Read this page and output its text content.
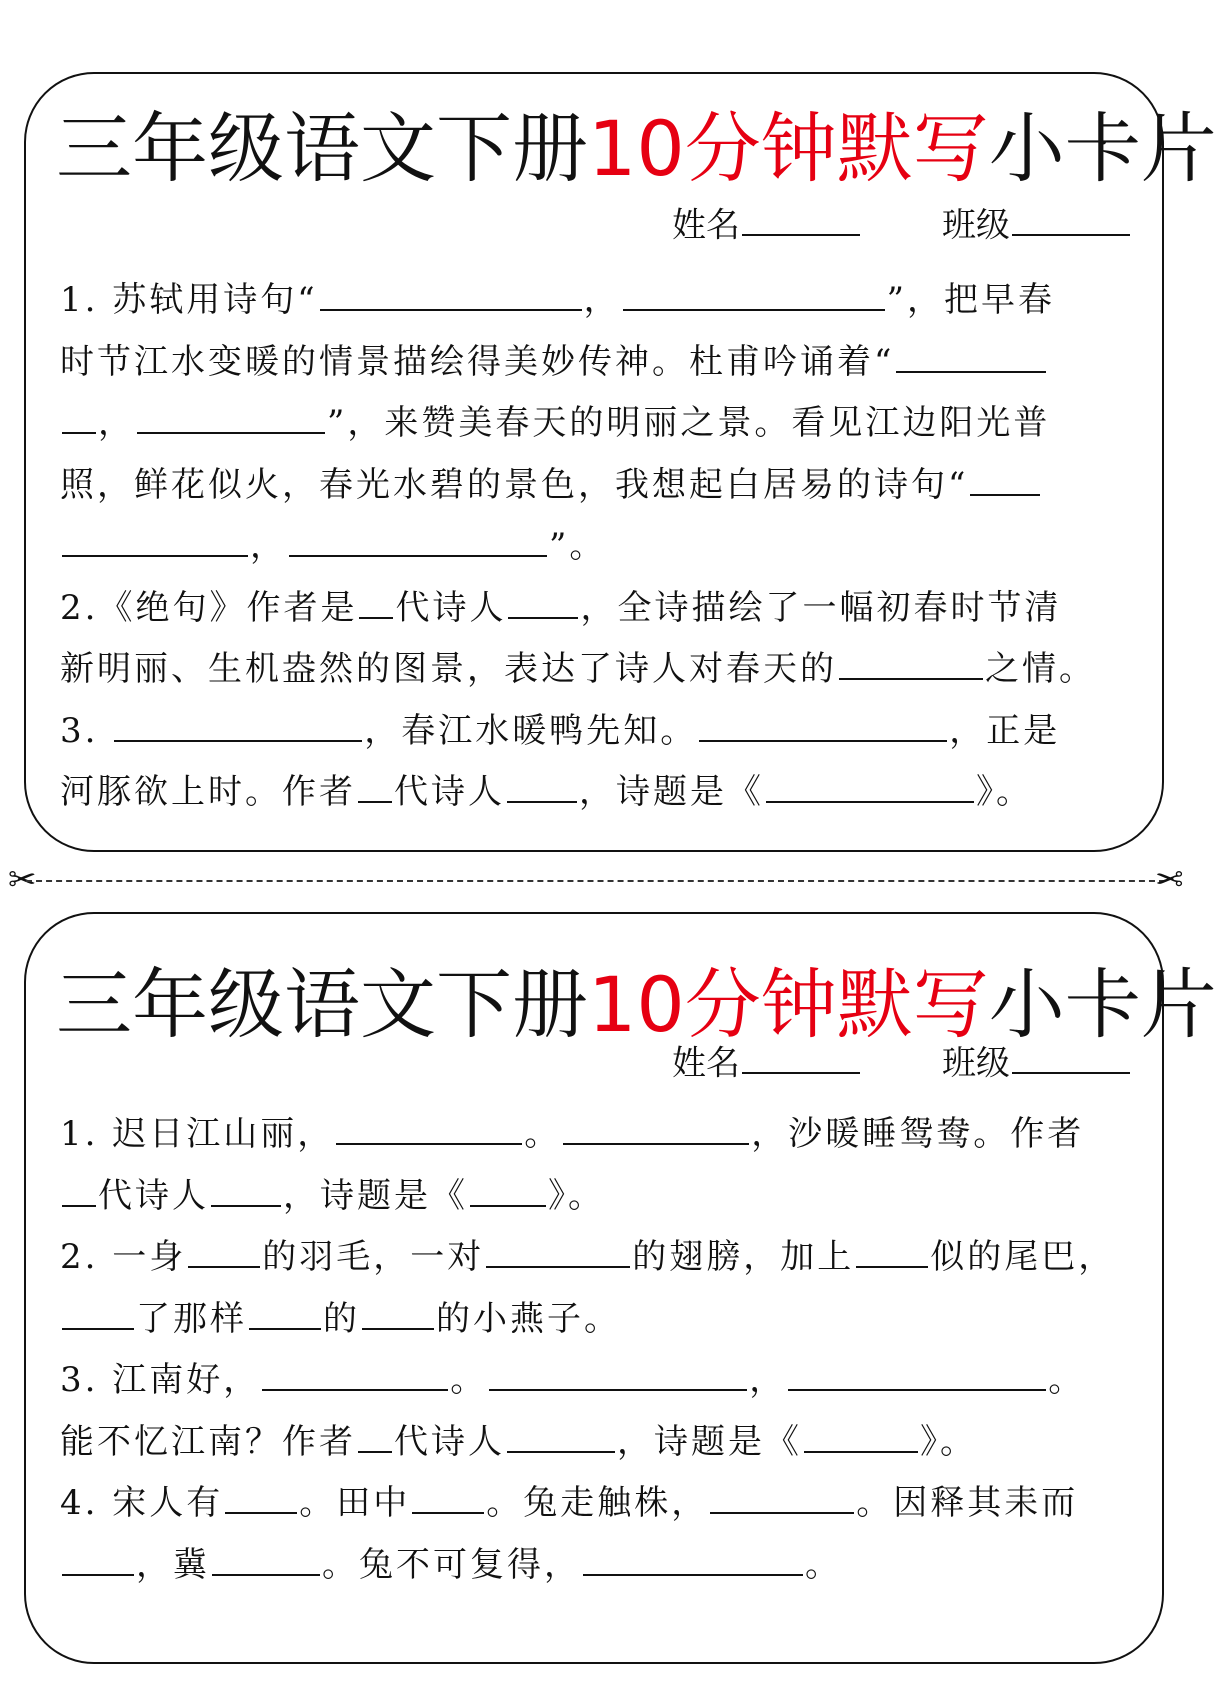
三年级语文下册10分钟默写小卡片
姓名	班级
1. 苏轼用诗句“	，	”，把早春
时节江水变暖的情景描绘得美妙传神。杜甫吟诵着“
，	”，来赞美春天的明丽之景。看见江边阳光普
照，鲜花似火，春光水碧的景色，我想起白居易的诗句“
，	”。
2.《绝句》作者是 代诗人 ，全诗描绘了一幅初春时节清
新明丽、生机盎然的图景，表达了诗人对春天的	之情。
3.	，春江水暖鸭先知。	，正是
河豚欲上时。作者 代诗人 ，诗题是《	》。
✂	✂
三年级语文下册10分钟默写小卡片
姓名	班级
1. 迟日江山丽，	。	，沙暖睡鸳鸯。作者
代诗人 ，诗题是《 》。
2. 一身 的羽毛，一对	的翅膀，加上 似的尾巴，
了那样 的 的小燕子。
3. 江南好，	。	，	。
能不忆江南？作者 代诗人	，诗题是《	》。
4. 宋人有 。田中 。兔走触株，	。因释其耒而
，冀	。兔不可复得，	。
